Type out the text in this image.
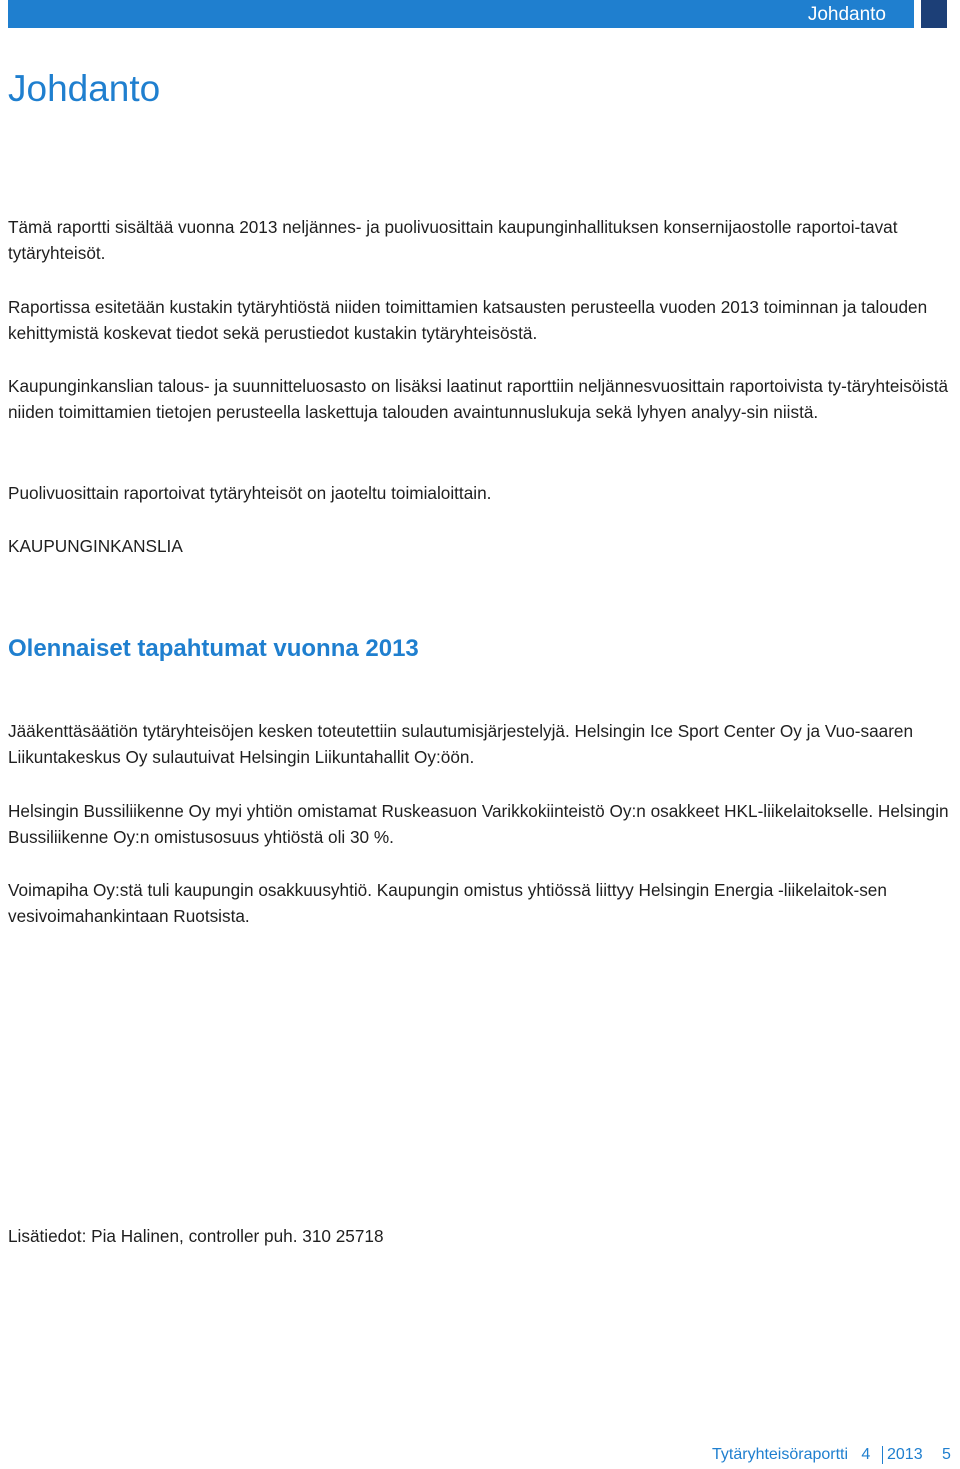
Johdanto
Johdanto

Tämä raportti sisältää vuonna 2013 neljännes- ja puolivuosittain kaupunginhallituksen konsernijaostolle raportoi-tavat tytäryhteisöt.

Raportissa esitetään kustakin tytäryhtiöstä niiden toimittamien katsausten perusteella vuoden 2013 toiminnan ja talouden kehittymistä koskevat tiedot sekä perustiedot kustakin tytäryhteisöstä.

Kaupunginkanslian talous- ja suunnitteluosasto on lisäksi laatinut raporttiin neljännesvuosittain raportoivista ty-täryhteisöistä niiden toimittamien tietojen perusteella laskettuja talouden avaintunnuslukuja sekä lyhyen analyy-sin niistä.

Puolivuosittain raportoivat tytäryhteisöt on jaoteltu toimialoittain.

KAUPUNGINKANSLIA

Olennaiset tapahtumat vuonna 2013

Jääkenttäsäätiön tytäryhteisöjen kesken toteutettiin sulautumisjärjestelyjä. Helsingin Ice Sport Center Oy ja Vuo-saaren Liikuntakeskus Oy sulautuivat Helsingin Liikuntahallit Oy:öön.

Helsingin Bussiliikenne Oy myi yhtiön omistamat Ruskeasuon Varikkokiinteistö Oy:n osakkeet HKL-liikelaitokselle. Helsingin Bussiliikenne Oy:n omistusosuus yhtiöstä oli 30 %.

Voimapiha Oy:stä tuli kaupungin osakkuusyhtiö. Kaupungin omistus yhtiössä liittyy Helsingin Energia -liikelaitok-sen vesivoimahankintaan Ruotsista.

Lisätiedot: Pia Halinen, controller puh. 310 25718

Tytäryhteisöraportti 4 2013 5
